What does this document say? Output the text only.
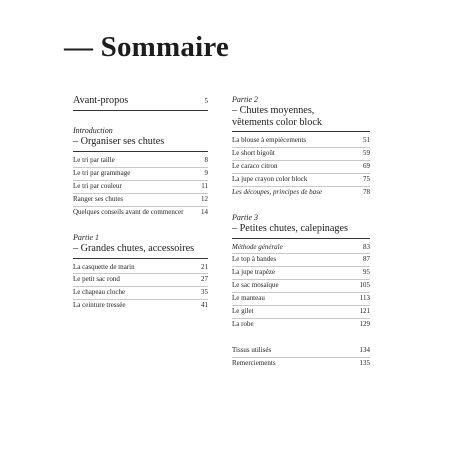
— Sommaire
Avant-propos	5

Introduction

– Organiser ses chutes

Le tri par taille	8
Le tri par grammage	9
Le tri par couleur	11
Ranger ses chutes	12
Quelques conseils avant de commencer	14

Partie 1

– Grandes chutes, accessoires

La casquette de marin	21
Le petit sac rond	27
Le chapeau cloche	35
La ceinture tressée	41

Partie 2

– Chutes moyennes,
vêtements color block

La blouse à empiècements	51
Le short bigoût	59
Le caraco citron	69
La jupe crayon color block	75
Les découpes, principes de base	78

Partie 3

– Petites chutes, calepinages

Méthode générale	83
Le top à bandes	87
La jupe trapèze	95
Le sac mosaïque	105
Le manteau	113
Le gilet	121
La robe	129
Tissus utilisés	134
Remerciements	135
